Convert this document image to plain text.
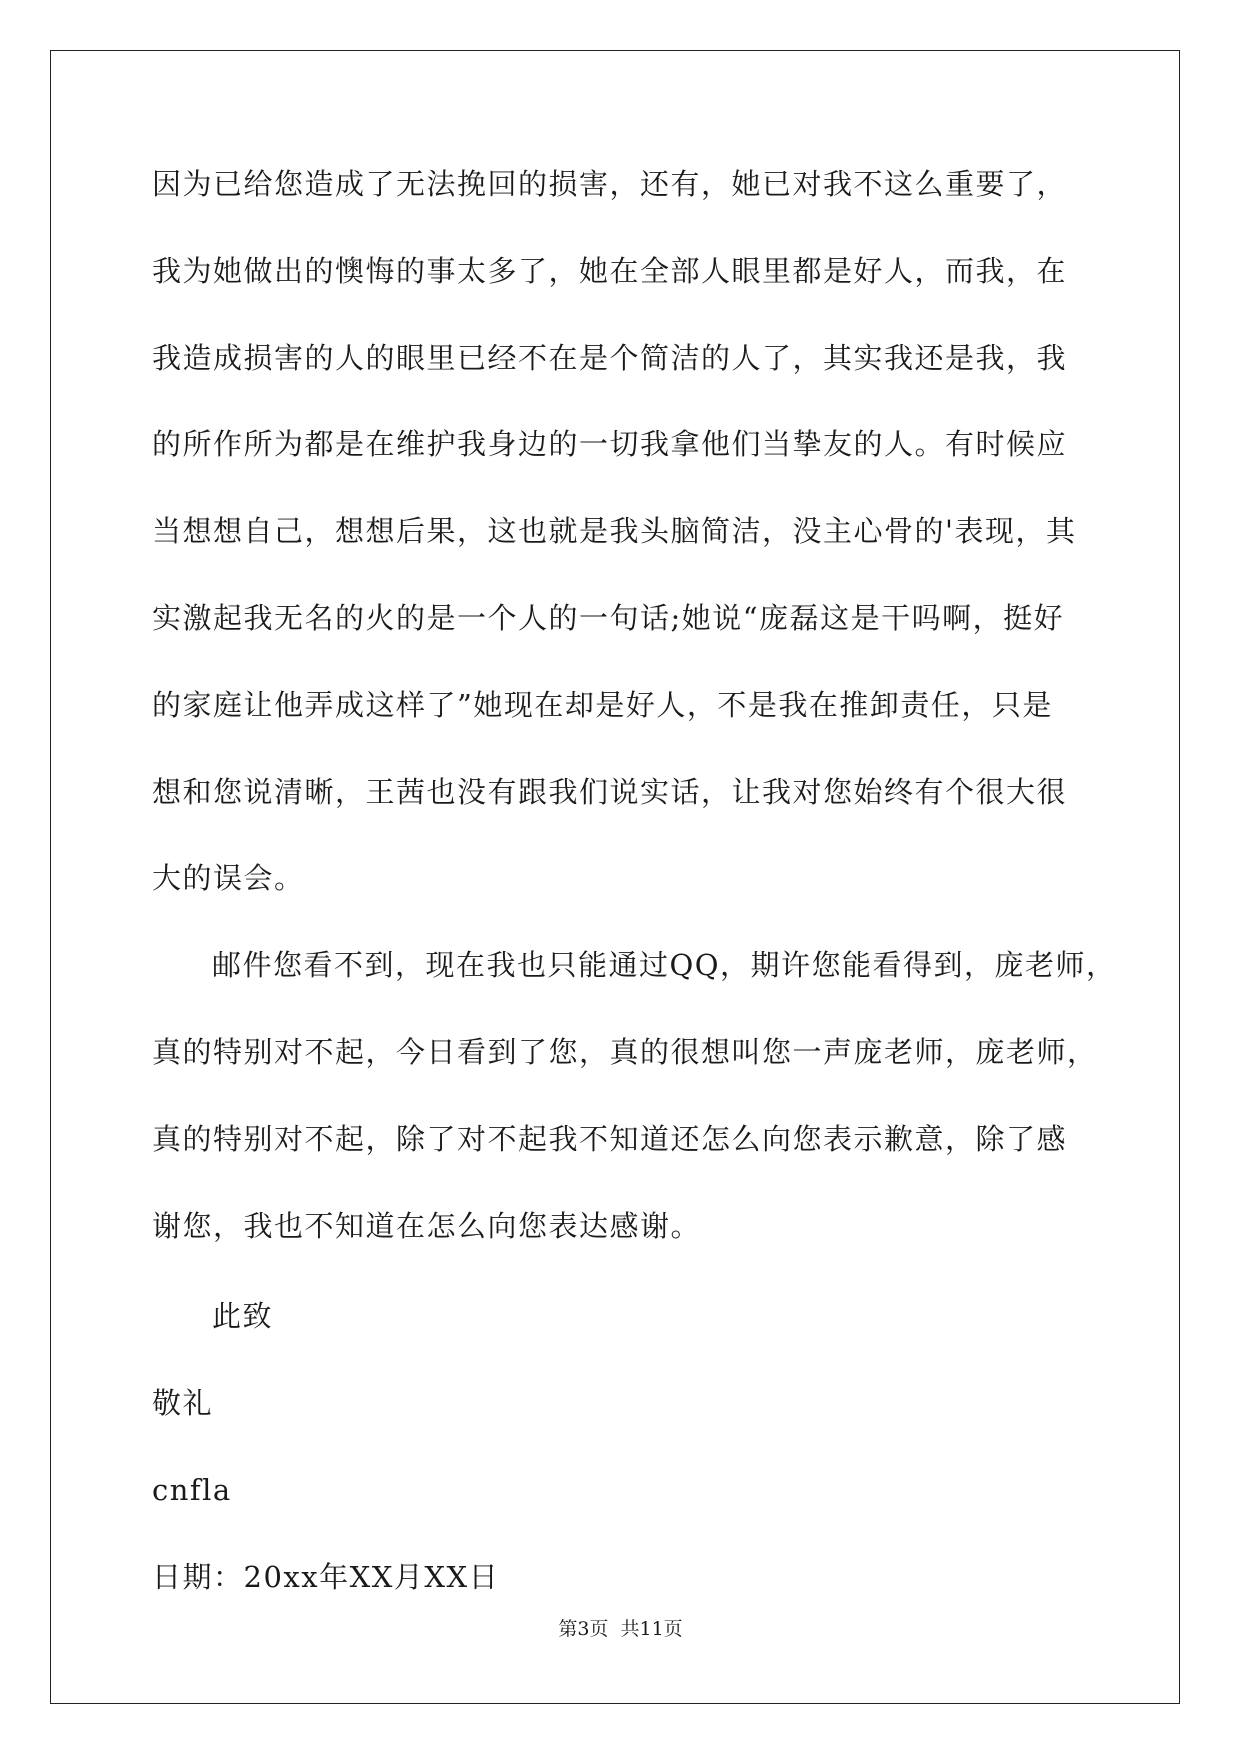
因为已给您造成了无法挽回的损害，还有，她已对我不这么重要了，
我为她做出的懊悔的事太多了，她在全部人眼里都是好人，而我，在
我造成损害的人的眼里已经不在是个简洁的人了，其实我还是我，我
的所作所为都是在维护我身边的一切我拿他们当挚友的人。有时候应
当想想自己，想想后果，这也就是我头脑简洁，没主心骨的'表现，其
实激起我无名的火的是一个人的一句话;她说“庞磊这是干吗啊，挺好
的家庭让他弄成这样了”她现在却是好人，不是我在推卸责任，只是
想和您说清晰，王茜也没有跟我们说实话，让我对您始终有个很大很
大的误会。
邮件您看不到，现在我也只能通过QQ，期许您能看得到，庞老师，
真的特别对不起，今日看到了您，真的很想叫您一声庞老师，庞老师，
真的特别对不起，除了对不起我不知道还怎么向您表示歉意，除了感
谢您，我也不知道在怎么向您表达感谢。
此致
敬礼
cnfla
日期：20xx年XX月XX日
第3页  共11页
